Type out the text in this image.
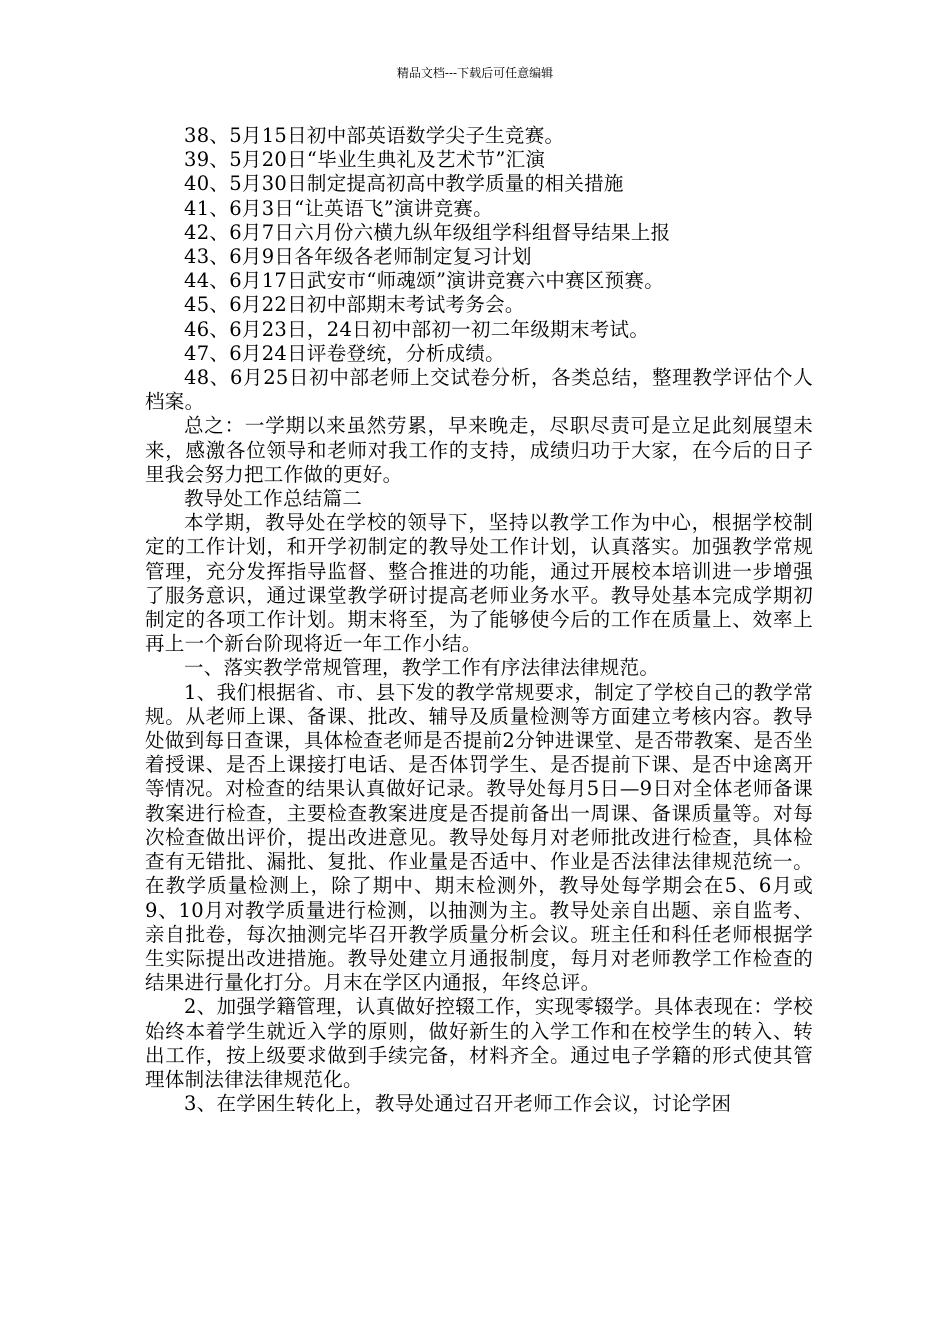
精品文档---下载后可任意编辑

38、5月15日初中部英语数学尖子生竞赛。

39、5月20日“毕业生典礼及艺术节”汇演

40、5月30日制定提高初高中教学质量的相关措施

41、6月3日“让英语飞”演讲竞赛。

42、6月7日六月份六横九纵年级组学科组督导结果上报

43、6月9日各年级各老师制定复习计划

44、6月17日武安市“师魂颂”演讲竞赛六中赛区预赛。

45、6月22日初中部期末考试考务会。

46、6月23日，24日初中部初一初二年级期末考试。

47、6月24日评卷登统，分析成绩。

48、6月25日初中部老师上交试卷分析，各类总结，整理教学评估个人档案。

总之：一学期以来虽然劳累，早来晚走，尽职尽责可是立足此刻展望未来，感激各位领导和老师对我工作的支持，成绩归功于大家，在今后的日子里我会努力把工作做的更好。

教导处工作总结篇二

本学期，教导处在学校的领导下，坚持以教学工作为中心，根据学校制定的工作计划，和开学初制定的教导处工作计划，认真落实。加强教学常规管理，充分发挥指导监督、整合推进的功能，通过开展校本培训进一步增强了服务意识，通过课堂教学研讨提高老师业务水平。教导处基本完成学期初制定的各项工作计划。期末将至，为了能够使今后的工作在质量上、效率上再上一个新台阶现将近一年工作小结。

一、落实教学常规管理，教学工作有序法律法律规范。

1、我们根据省、市、县下发的教学常规要求，制定了学校自己的教学常规。从老师上课、备课、批改、辅导及质量检测等方面建立考核内容。教导处做到每日查课，具体检查老师是否提前2分钟进课堂、是否带教案、是否坐着授课、是否上课接打电话、是否体罚学生、是否提前下课、是否中途离开等情况。对检查的结果认真做好记录。教导处每月5日—9日对全体老师备课教案进行检查，主要检查教案进度是否提前备出一周课、备课质量等。对每次检查做出评价，提出改进意见。教导处每月对老师批改进行检查，具体检查有无错批、漏批、复批、作业量是否适中、作业是否法律法律规范统一。在教学质量检测上，除了期中、期末检测外，教导处每学期会在5、6月或9、10月对教学质量进行检测，以抽测为主。教导处亲自出题、亲自监考、亲自批卷，每次抽测完毕召开教学质量分析会议。班主任和科任老师根据学生实际提出改进措施。教导处建立月通报制度，每月对老师教学工作检查的结果进行量化打分。月末在学区内通报，年终总评。

2、加强学籍管理，认真做好控辍工作，实现零辍学。具体表现在：学校始终本着学生就近入学的原则，做好新生的入学工作和在校学生的转入、转出工作，按上级要求做到手续完备，材料齐全。通过电子学籍的形式使其管理体制法律法律规范化。

3、在学困生转化上，教导处通过召开老师工作会议，讨论学困
